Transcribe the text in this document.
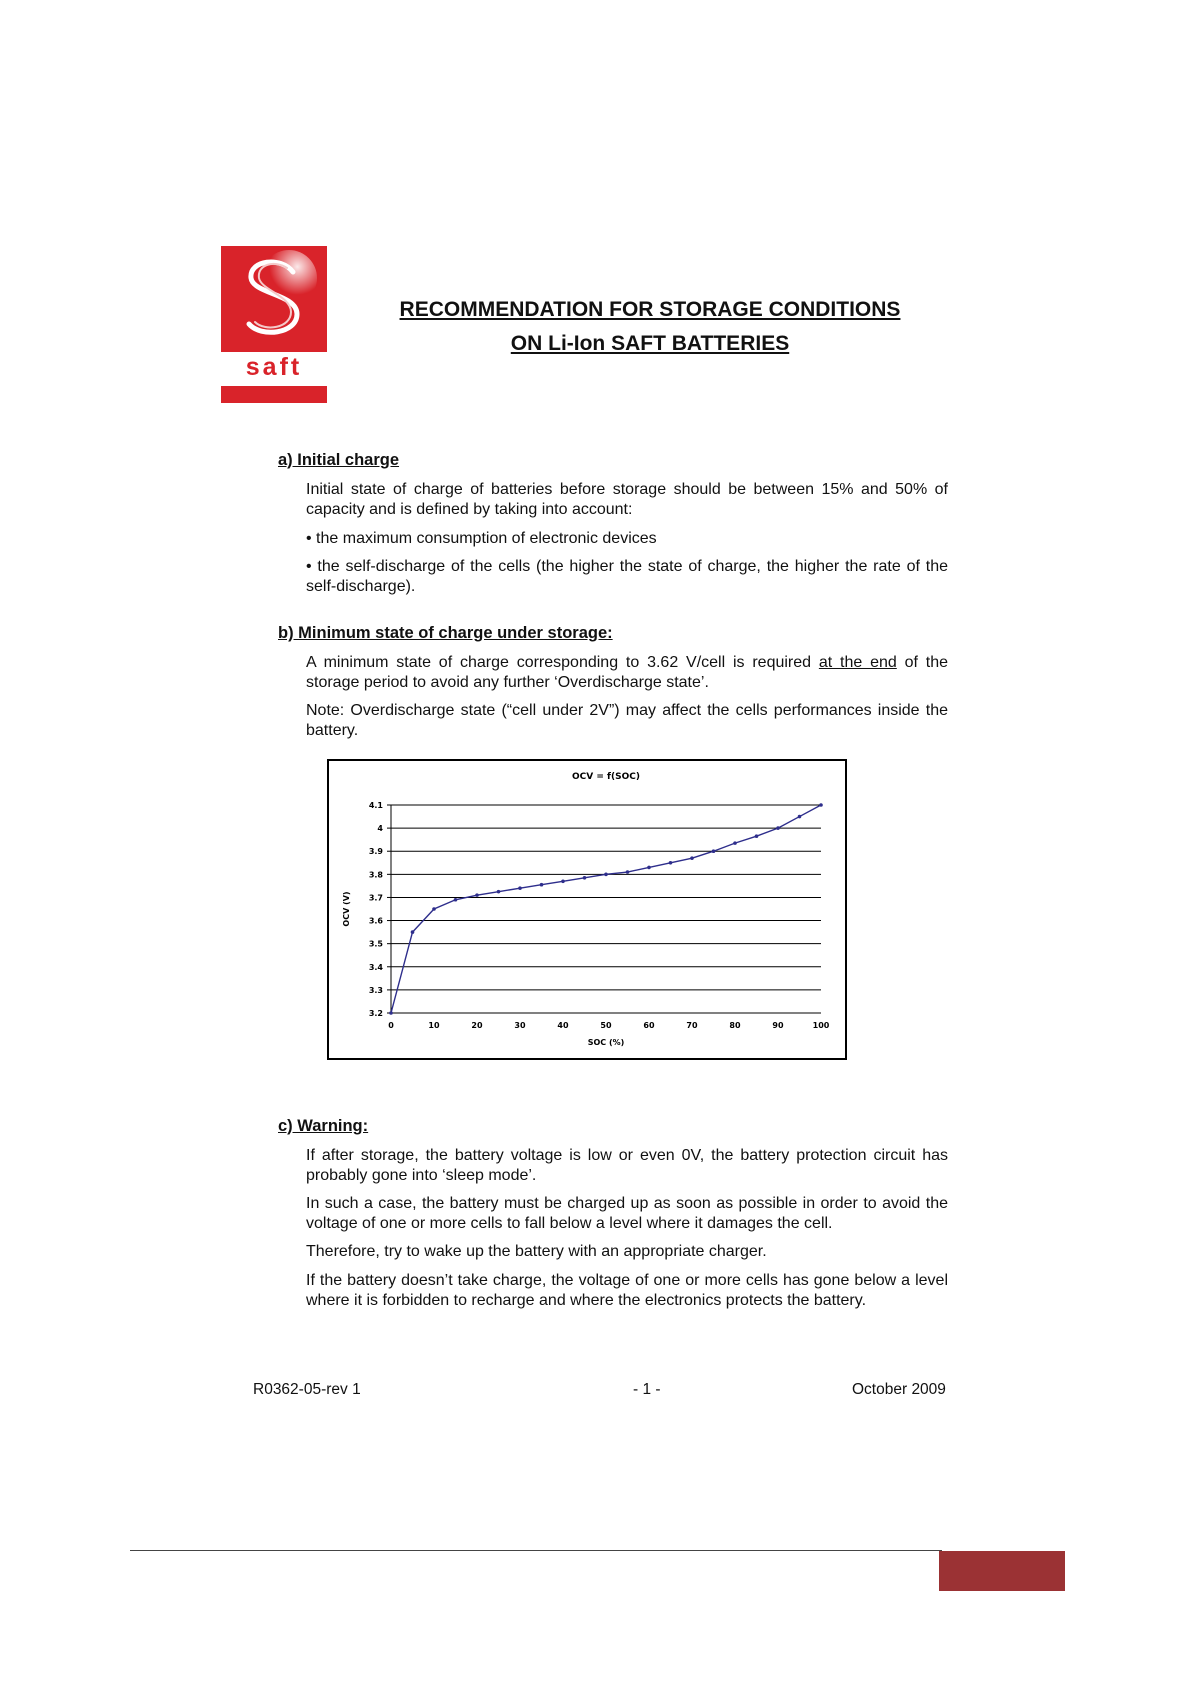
saft
RECOMMENDATION FOR STORAGE CONDITIONS
ON Li-Ion SAFT BATTERIES
a) Initial charge
Initial state of charge of batteries before storage should be between 15% and 50% of capacity and is defined by taking into account:
• the maximum consumption of electronic devices
• the self-discharge of the cells (the higher the state of charge, the higher the rate of the self-discharge).
b) Minimum state of charge under storage:
A minimum state of charge corresponding to 3.62 V/cell is required at the end of the storage period to avoid any further ‘Overdischarge state’.
Note: Overdischarge state (“cell under 2V”) may affect the cells performances inside the battery.
OCV = f(SOC)
3.2
3.3
3.4
3.5
3.6
3.7
3.8
3.9
4
4.1
0	10	20	30	40	50	60	70	80	90	100
SOC (%)
OCV (V)
c) Warning:
If after storage, the battery voltage is low or even 0V, the battery protection circuit has probably gone into ‘sleep mode’.
In such a case, the battery must be charged up as soon as possible in order to avoid the voltage of one or more cells to fall below a level where it damages the cell.
Therefore, try to wake up the battery with an appropriate charger.
If the battery doesn’t take charge, the voltage of one or more cells has gone below a level where it is forbidden to recharge and where the electronics protects the battery.
R0362-05-rev 1	- 1 -	October 2009
